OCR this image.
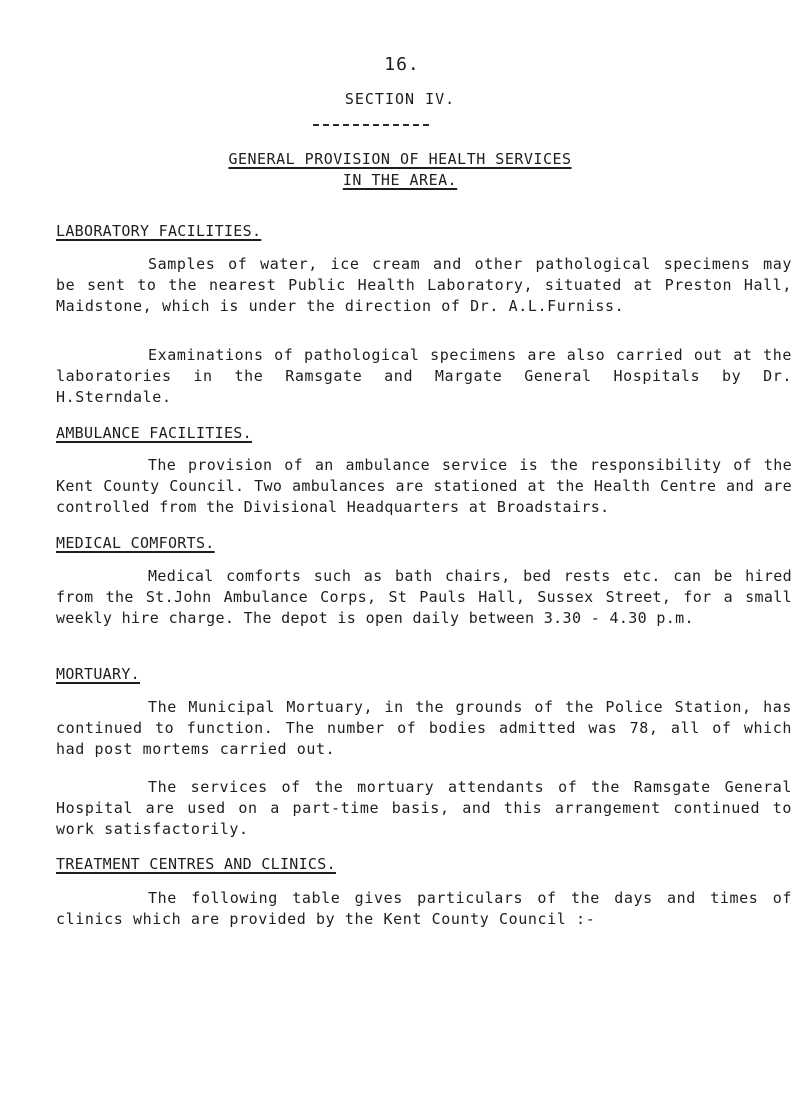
16.
SECTION IV.
GENERAL PROVISION OF HEALTH SERVICES
IN THE AREA.
LABORATORY FACILITIES.

Samples of water, ice cream and other pathological specimens may be sent to the nearest Public Health Laboratory, situated at Preston Hall, Maidstone, which is under the direction of Dr. A.L.Furniss.

Examinations of pathological specimens are also carried out at the laboratories in the Ramsgate and Margate General Hospitals by Dr. H.Sterndale.

AMBULANCE FACILITIES.

The provision of an ambulance service is the responsibility of the Kent County Council. Two ambulances are stationed at the Health Centre and are controlled from the Divisional Headquarters at Broadstairs.

MEDICAL COMFORTS.

Medical comforts such as bath chairs, bed rests etc. can be hired from the St.John Ambulance Corps, St Pauls Hall, Sussex Street, for a small weekly hire charge. The depot is open daily between 3.30 - 4.30 p.m.

MORTUARY.

The Municipal Mortuary, in the grounds of the Police Station, has continued to function. The number of bodies admitted was 78, all of which had post mortems carried out.

The services of the mortuary attendants of the Ramsgate General Hospital are used on a part-time basis, and this arrangement continued to work satisfactorily.

TREATMENT CENTRES AND CLINICS.

The following table gives particulars of the days and times of clinics which are provided by the Kent County Council :-
